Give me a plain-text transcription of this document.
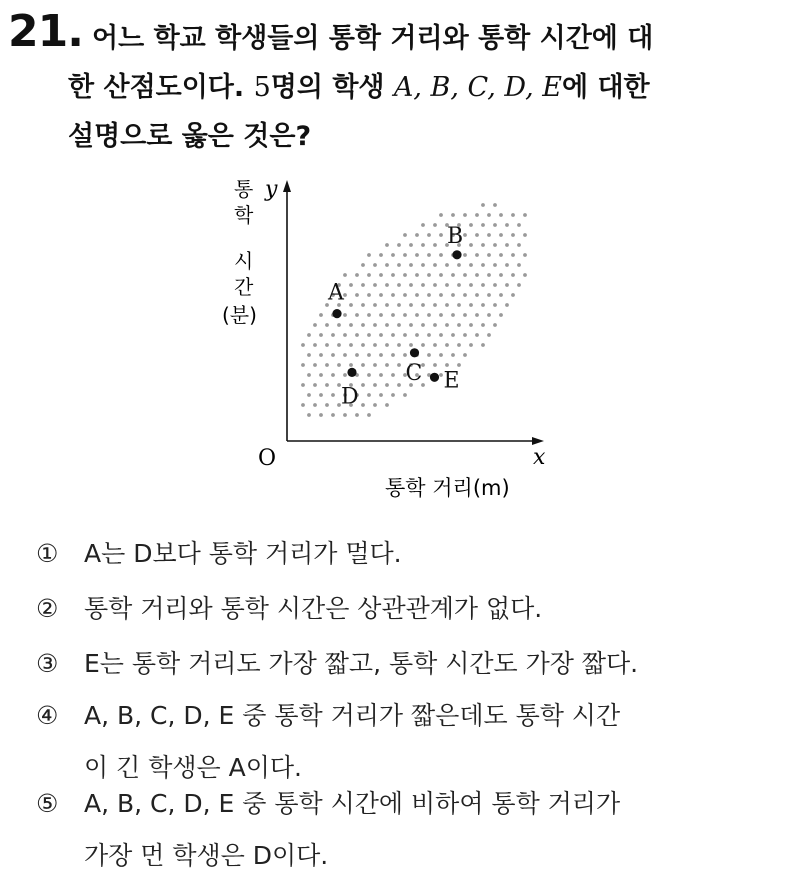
21. 어느 학교 학생들의 통학 거리와 통학 시간에 대
한 산점도이다. 5명의 학생 A, B, C, D, E에 대한
설명으로 옳은 것은?
O	x
y
통학 거리(m)
통
학
시
간
(분)
A
B
C
D
E
① A는 D보다 통학 거리가 멀다.
② 통학 거리와 통학 시간은 상관관계가 없다.
③ E는 통학 거리도 가장 짧고, 통학 시간도 가장 짧다.
④ A, B, C, D, E 중 통학 거리가 짧은데도 통학 시간
이 긴 학생은 A이다.
⑤ A, B, C, D, E 중 통학 시간에 비하여 통학 거리가
가장 먼 학생은 D이다.
